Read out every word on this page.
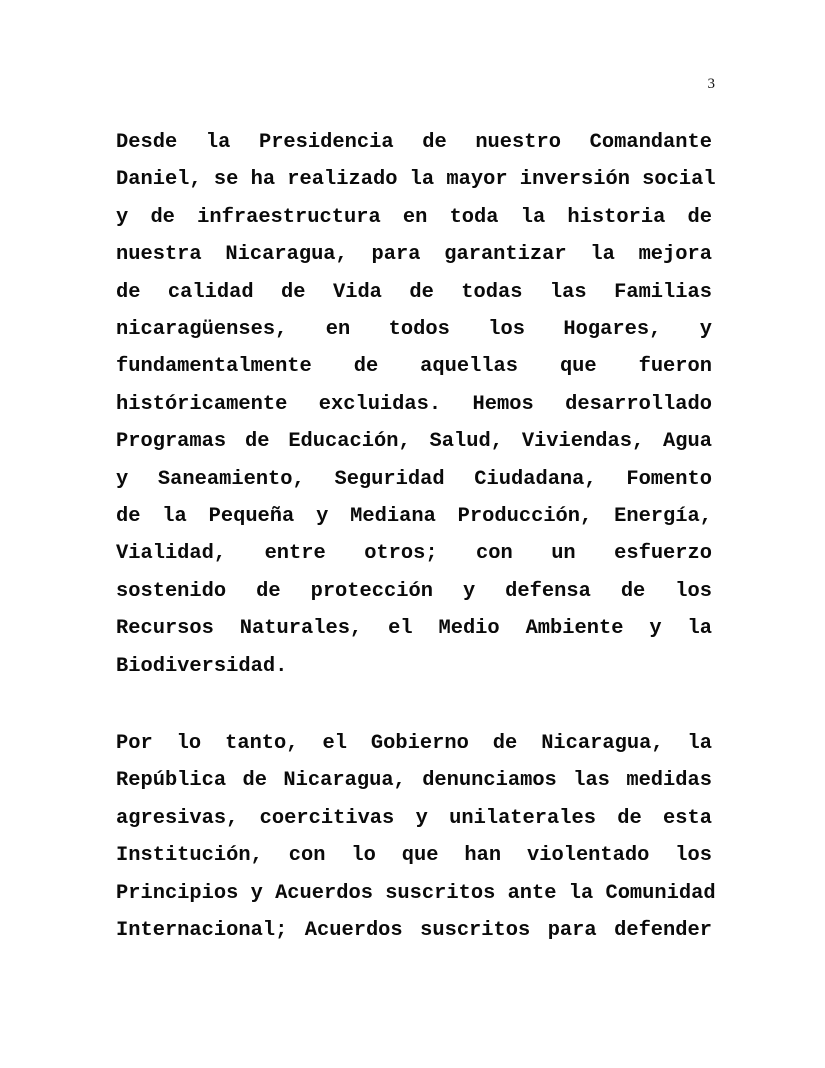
3
Desde la Presidencia de nuestro Comandante
Daniel, se ha realizado la mayor inversión social
y de infraestructura en toda la historia de
nuestra Nicaragua, para garantizar la mejora
de calidad de Vida de todas las Familias
nicaragüenses, en todos los Hogares, y
fundamentalmente de aquellas que fueron
históricamente excluidas. Hemos desarrollado
Programas de Educación, Salud, Viviendas, Agua
y Saneamiento, Seguridad Ciudadana, Fomento
de la Pequeña y Mediana Producción, Energía,
Vialidad, entre otros; con un esfuerzo
sostenido de protección y defensa de los
Recursos Naturales, el Medio Ambiente y la
Biodiversidad.
Por lo tanto, el Gobierno de Nicaragua, la
República de Nicaragua, denunciamos las medidas
agresivas, coercitivas y unilaterales de esta
Institución, con lo que han violentado los
Principios y Acuerdos suscritos ante la Comunidad
Internacional; Acuerdos suscritos para defender
